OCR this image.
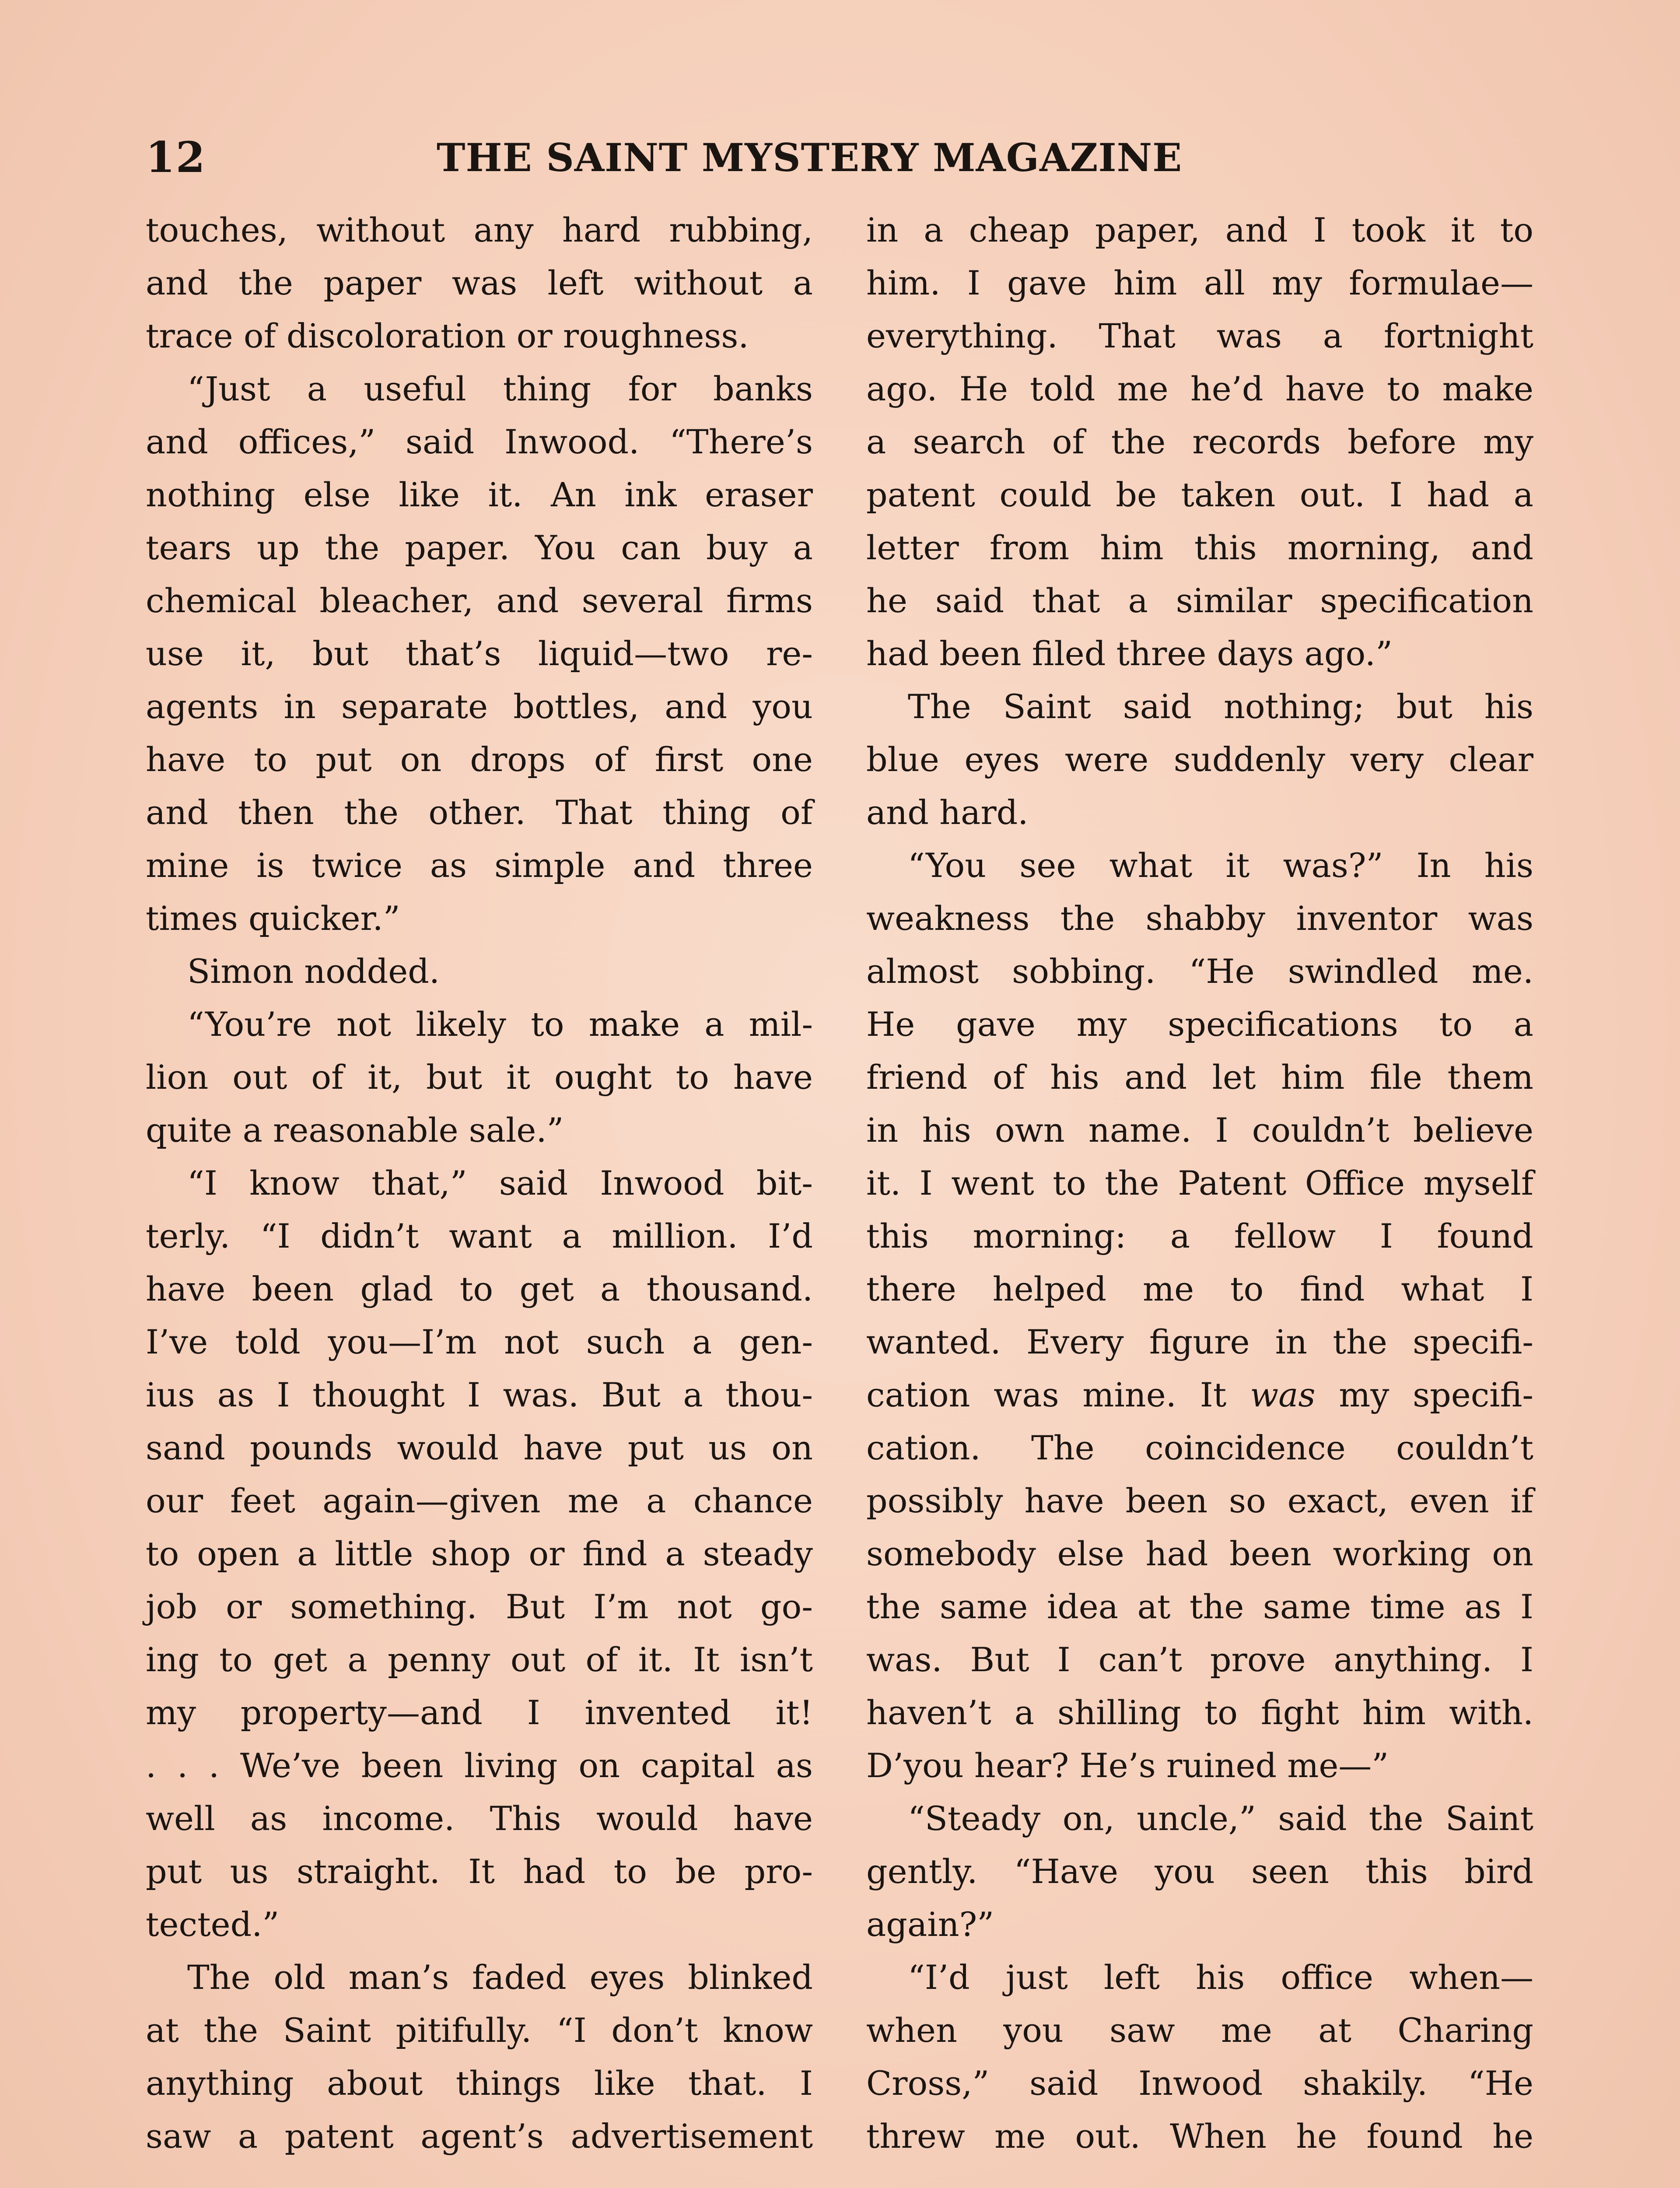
12	THE SAINT MYSTERY MAGAZINE
touches, without any hard rubbing,
and the paper was left without a
trace of discoloration or roughness.
“Just a useful thing for banks
and offices,” said Inwood. “There’s
nothing else like it. An ink eraser
tears up the paper. You can buy a
chemical bleacher, and several firms
use it, but that’s liquid—two re-
agents in separate bottles, and you
have to put on drops of first one
and then the other. That thing of
mine is twice as simple and three
times quicker.”
Simon nodded.
“You’re not likely to make a mil-
lion out of it, but it ought to have
quite a reasonable sale.”
“I know that,” said Inwood bit-
terly. “I didn’t want a million. I’d
have been glad to get a thousand.
I’ve told you—I’m not such a gen-
ius as I thought I was. But a thou-
sand pounds would have put us on
our feet again—given me a chance
to open a little shop or find a steady
job or something. But I’m not go-
ing to get a penny out of it. It isn’t
my property—and I invented it!
. . . We’ve been living on capital as
well as income. This would have
put us straight. It had to be pro-
tected.”
The old man’s faded eyes blinked
at the Saint pitifully. “I don’t know
anything about things like that. I
saw a patent agent’s advertisement
in a cheap paper, and I took it to
him. I gave him all my formulae—
everything. That was a fortnight
ago. He told me he’d have to make
a search of the records before my
patent could be taken out. I had a
letter from him this morning, and
he said that a similar specification
had been filed three days ago.”
The Saint said nothing; but his
blue eyes were suddenly very clear
and hard.
“You see what it was?” In his
weakness the shabby inventor was
almost sobbing. “He swindled me.
He gave my specifications to a
friend of his and let him file them
in his own name. I couldn’t believe
it. I went to the Patent Office myself
this morning: a fellow I found
there helped me to find what I
wanted. Every figure in the specifi-
cation was mine. It was my specifi-
cation. The coincidence couldn’t
possibly have been so exact, even if
somebody else had been working on
the same idea at the same time as I
was. But I can’t prove anything. I
haven’t a shilling to fight him with.
D’you hear? He’s ruined me—”
“Steady on, uncle,” said the Saint
gently. “Have you seen this bird
again?”
“I’d just left his office when—
when you saw me at Charing
Cross,” said Inwood shakily. “He
threw me out. When he found he
